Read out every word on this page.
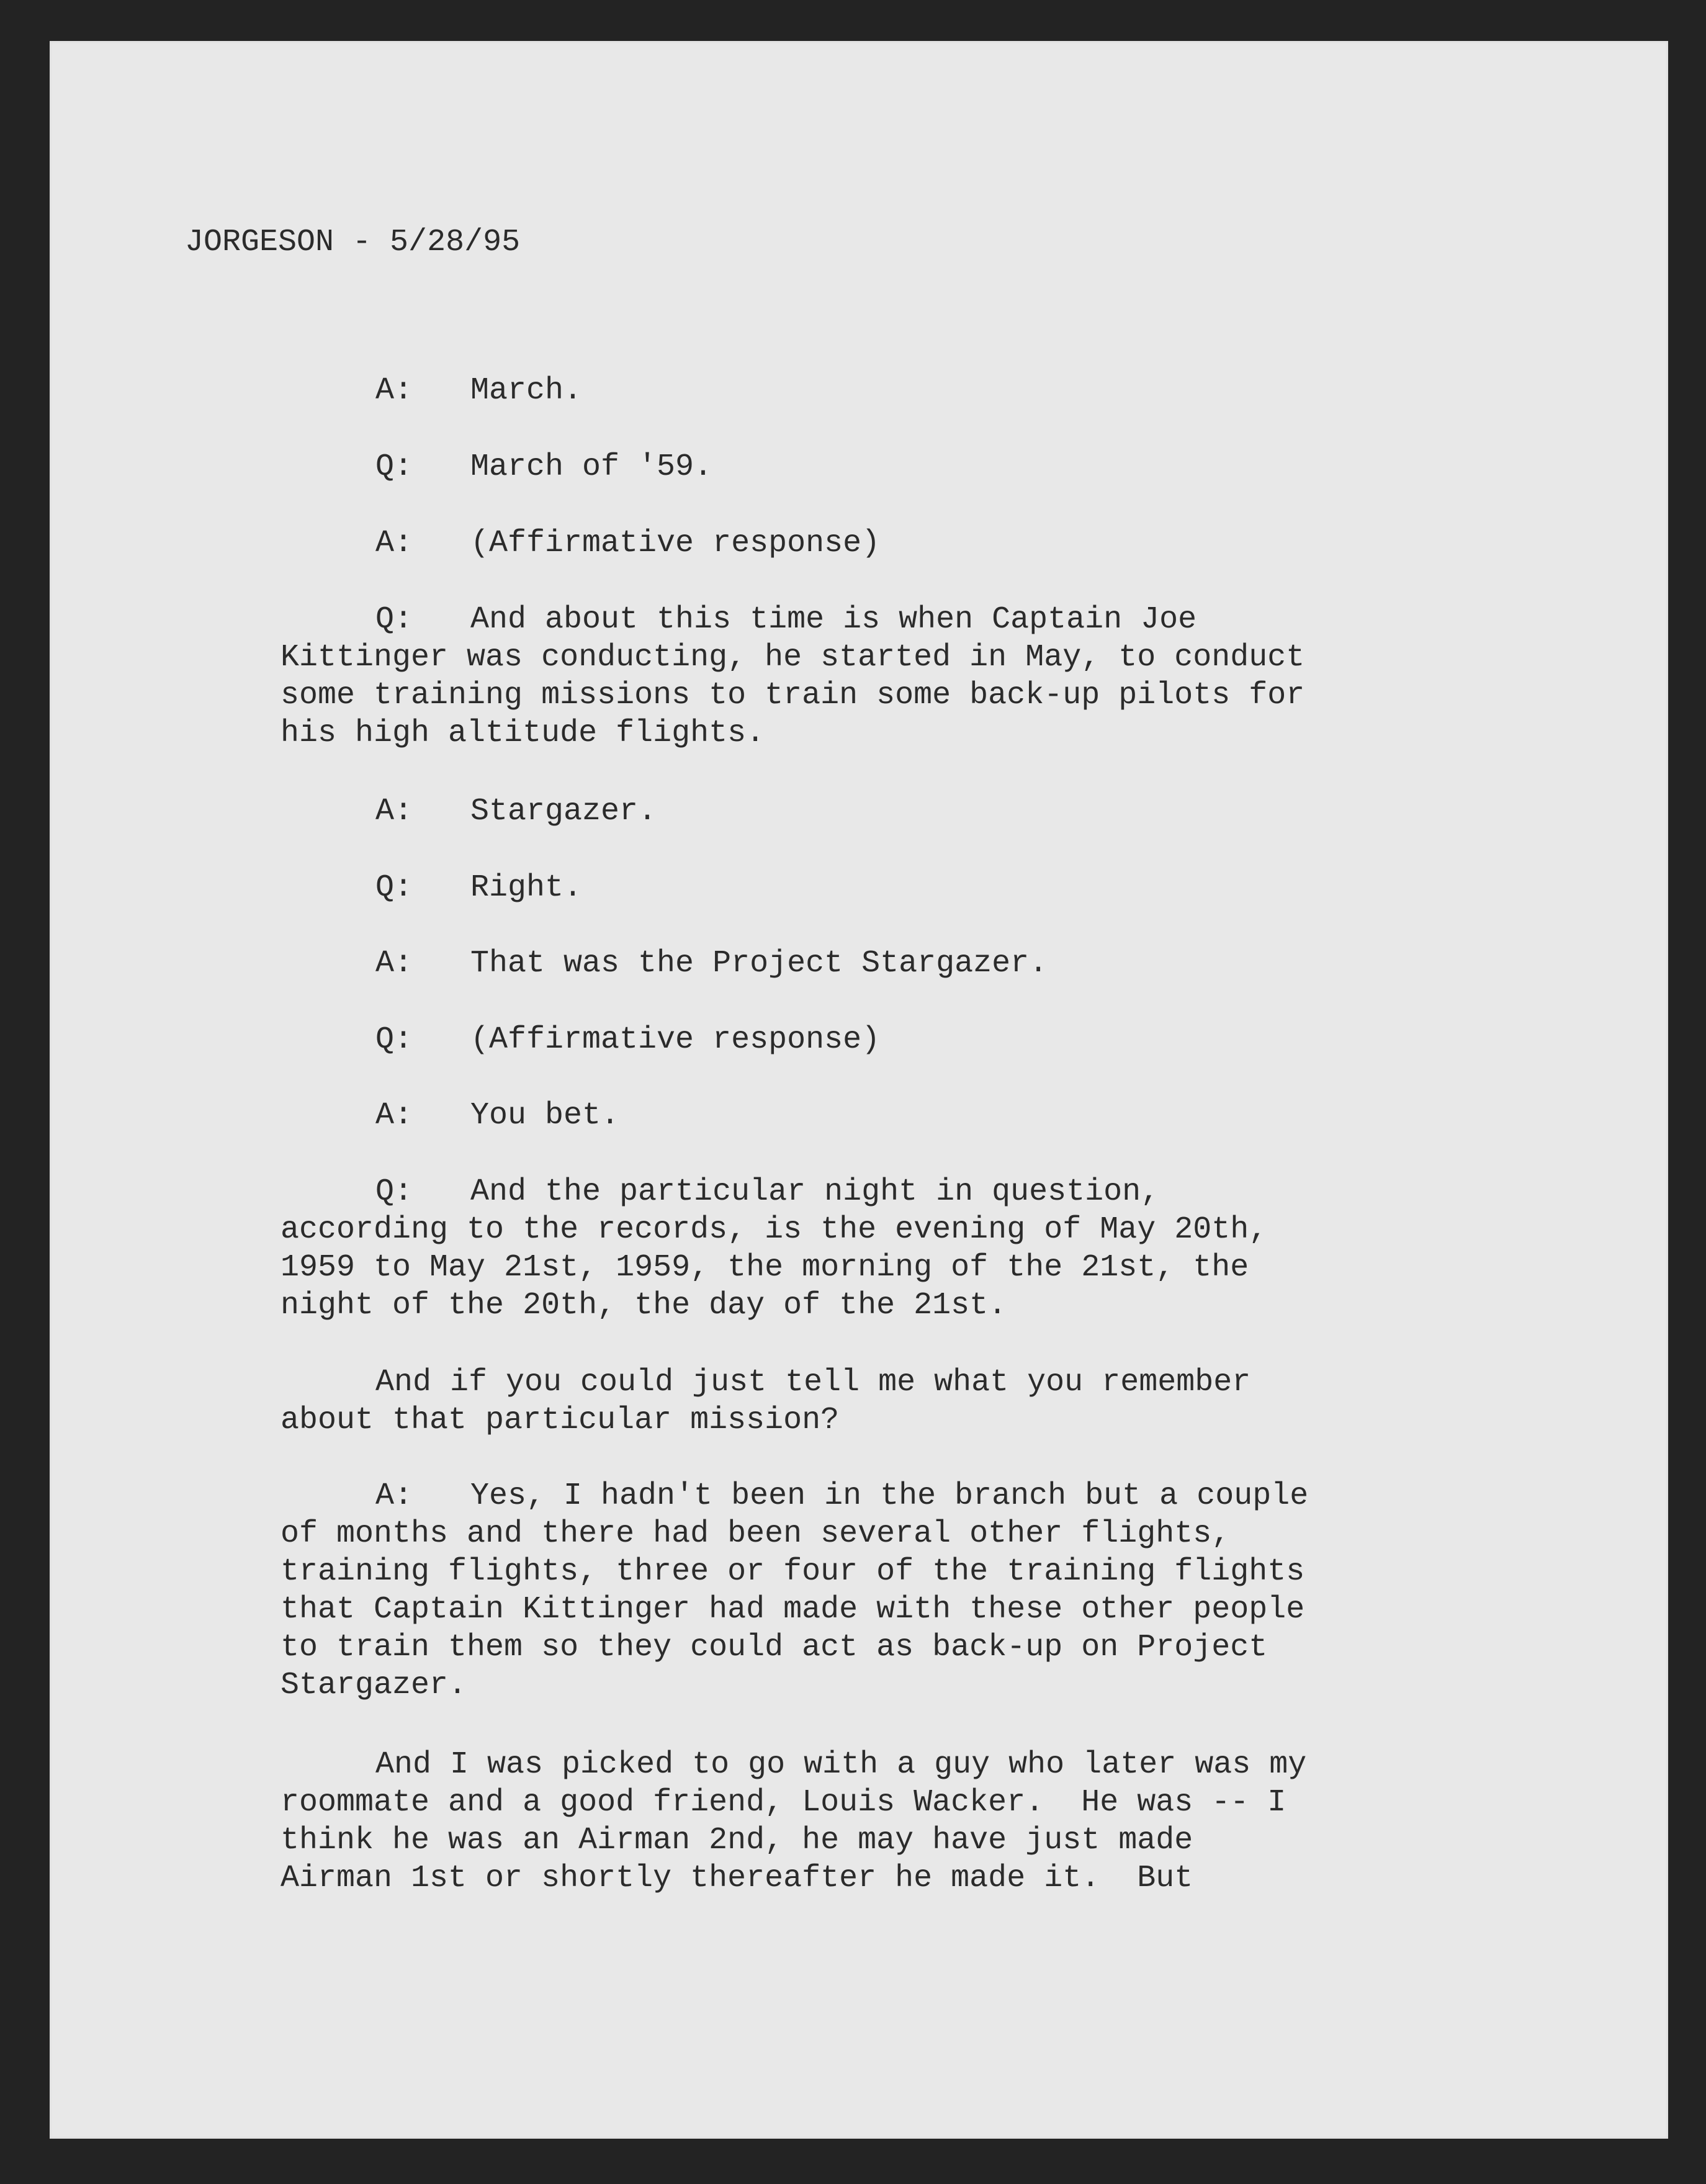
JORGESON - 5/28/95
A: March.
Q: March of '59.
A: (Affirmative response)
Q: And about this time is when Captain Joe
Kittinger was conducting, he started in May, to conduct
some training missions to train some back-up pilots for
his high altitude flights.
A: Stargazer.
Q: Right.
A: That was the Project Stargazer.
Q: (Affirmative response)
A: You bet.
Q: And the particular night in question,
according to the records, is the evening of May 20th,
1959 to May 21st, 1959, the morning of the 21st, the
night of the 20th, the day of the 21st.
And if you could just tell me what you remember
about that particular mission?
A: Yes, I hadn't been in the branch but a couple
of months and there had been several other flights,
training flights, three or four of the training flights
that Captain Kittinger had made with these other people
to train them so they could act as back-up on Project
Stargazer.
And I was picked to go with a guy who later was my
roommate and a good friend, Louis Wacker.  He was -- I
think he was an Airman 2nd, he may have just made
Airman 1st or shortly thereafter he made it.  But
